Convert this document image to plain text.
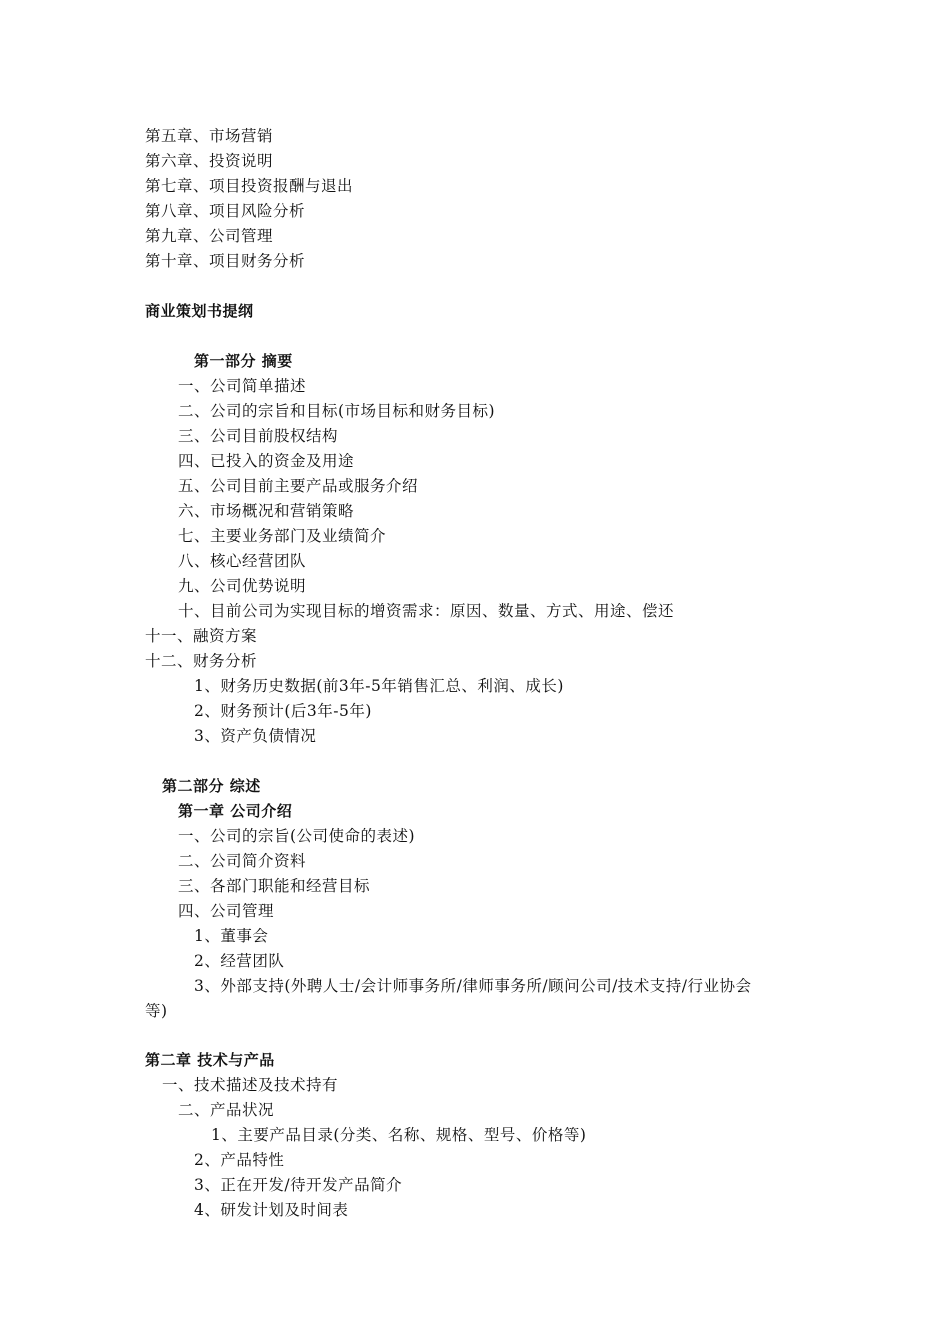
第五章、市场营销
第六章、投资说明
第七章、项目投资报酬与退出
第八章、项目风险分析
第九章、公司管理
第十章、项目财务分析
商业策划书提纲
第一部分 摘要
一、公司简单描述
二、公司的宗旨和目标(市场目标和财务目标)
三、公司目前股权结构
四、已投入的资金及用途
五、公司目前主要产品或服务介绍
六、市场概况和营销策略
七、主要业务部门及业绩简介
八、核心经营团队
九、公司优势说明
十、目前公司为实现目标的增资需求：原因、数量、方式、用途、偿还
十一、融资方案
十二、财务分析
1、财务历史数据(前3年-5年销售汇总、利润、成长)
2、财务预计(后3年-5年)
3、资产负债情况
第二部分 综述
第一章 公司介绍
一、公司的宗旨(公司使命的表述)
二、公司简介资料
三、各部门职能和经营目标
四、公司管理
1、董事会
2、经营团队
3、外部支持(外聘人士/会计师事务所/律师事务所/顾问公司/技术支持/行业协会
等)
第二章 技术与产品
一、技术描述及技术持有
二、产品状况
1、主要产品目录(分类、名称、规格、型号、价格等)
2、产品特性
3、正在开发/待开发产品简介
4、研发计划及时间表
